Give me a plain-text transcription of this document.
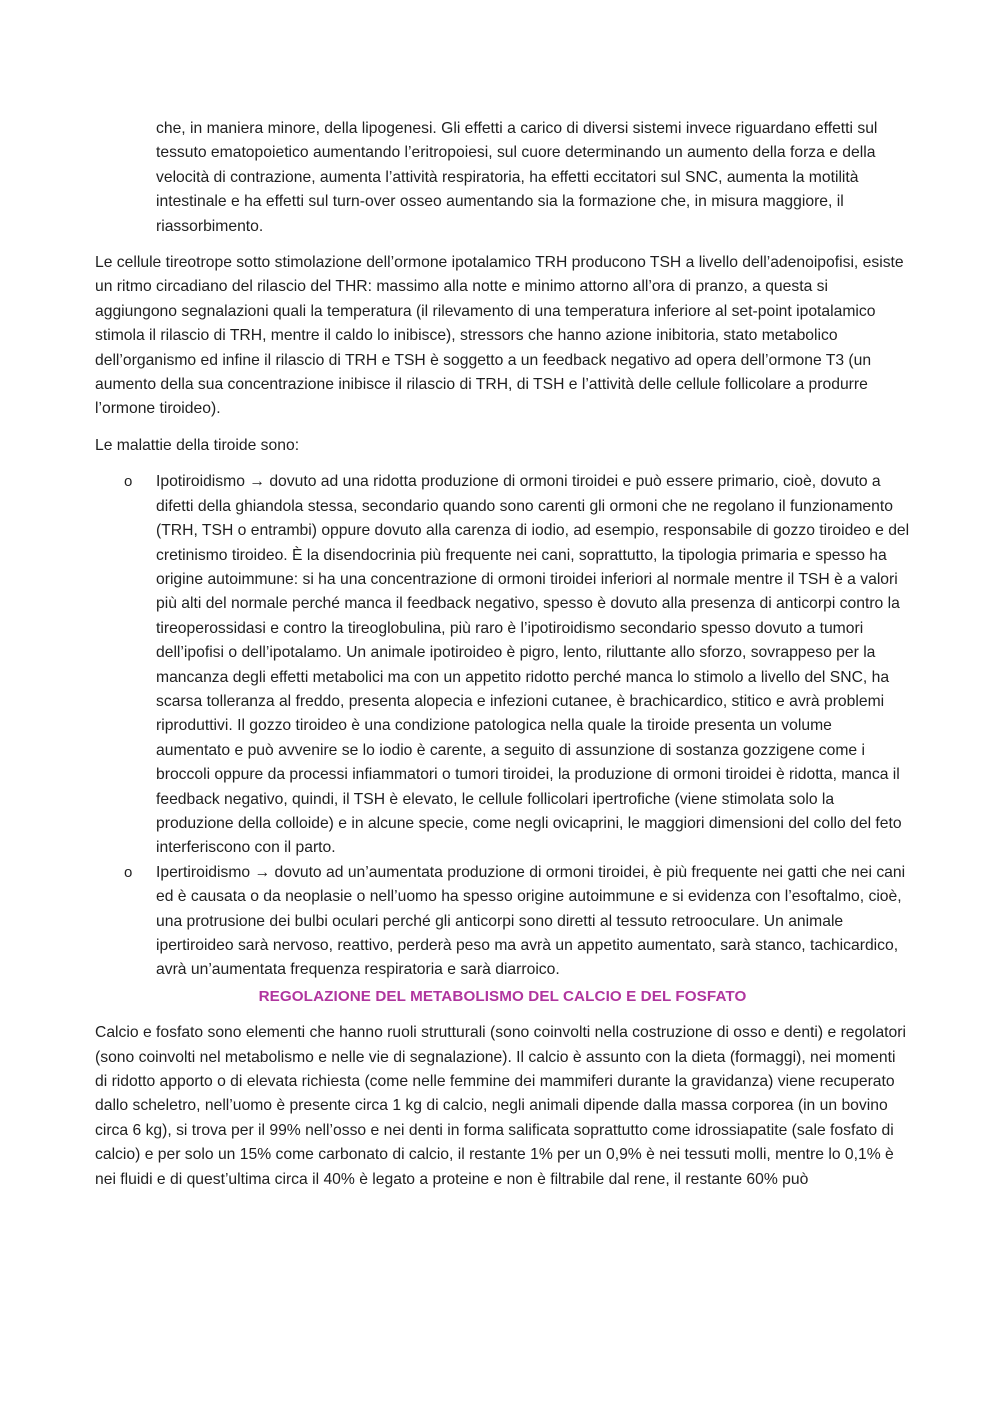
che, in maniera minore, della lipogenesi. Gli effetti a carico di diversi sistemi invece riguardano effetti sul tessuto ematopoietico aumentando l’eritropoiesi, sul cuore determinando un aumento della forza e della velocità di contrazione, aumenta l’attività respiratoria, ha effetti eccitatori sul SNC, aumenta la motilità intestinale e ha effetti sul turn-over osseo aumentando sia la formazione che, in misura maggiore, il riassorbimento.

Le cellule tireotrope sotto stimolazione dell’ormone ipotalamico TRH producono TSH a livello dell’adenoipofisi, esiste un ritmo circadiano del rilascio del THR: massimo alla notte e minimo attorno all’ora di pranzo, a questa si aggiungono segnalazioni quali la temperatura (il rilevamento di una temperatura inferiore al set-point ipotalamico stimola il rilascio di TRH, mentre il caldo lo inibisce), stressors che hanno azione inibitoria, stato metabolico dell’organismo ed infine il rilascio di TRH e TSH è soggetto a un feedback negativo ad opera dell’ormone T3 (un aumento della sua concentrazione inibisce il rilascio di TRH, di TSH e l’attività delle cellule follicolare a produrre l’ormone tiroideo).

Le malattie della tiroide sono:

o Ipotiroidismo → dovuto ad una ridotta produzione di ormoni tiroidei e può essere primario, cioè, dovuto a difetti della ghiandola stessa, secondario quando sono carenti gli ormoni che ne regolano il funzionamento (TRH, TSH o entrambi) oppure dovuto alla carenza di iodio, ad esempio, responsabile di gozzo tiroideo e del cretinismo tiroideo. È la disendocrinia più frequente nei cani, soprattutto, la tipologia primaria e spesso ha origine autoimmune: si ha una concentrazione di ormoni tiroidei inferiori al normale mentre il TSH è a valori più alti del normale perché manca il feedback negativo, spesso è dovuto alla presenza di anticorpi contro la tireoperossidasi e contro la tireoglobulina, più raro è l’ipotiroidismo secondario spesso dovuto a tumori dell’ipofisi o dell’ipotalamo. Un animale ipotiroideo è pigro, lento, riluttante allo sforzo, sovrappeso per la mancanza degli effetti metabolici ma con un appetito ridotto perché manca lo stimolo a livello del SNC, ha scarsa tolleranza al freddo, presenta alopecia e infezioni cutanee, è brachicardico, stitico e avrà problemi riproduttivi. Il gozzo tiroideo è una condizione patologica nella quale la tiroide presenta un volume aumentato e può avvenire se lo iodio è carente, a seguito di assunzione di sostanza gozzigene come i broccoli oppure da processi infiammatori o tumori tiroidei, la produzione di ormoni tiroidei è ridotta, manca il feedback negativo, quindi, il TSH è elevato, le cellule follicolari ipertrofiche (viene stimolata solo la produzione della colloide) e in alcune specie, come negli ovicaprini, le maggiori dimensioni del collo del feto interferiscono con il parto.
o Ipertiroidismo → dovuto ad un’aumentata produzione di ormoni tiroidei, è più frequente nei gatti che nei cani ed è causata o da neoplasie o nell’uomo ha spesso origine autoimmune e si evidenza con l’esoftalmo, cioè, una protrusione dei bulbi oculari perché gli anticorpi sono diretti al tessuto retrooculare. Un animale ipertiroideo sarà nervoso, reattivo, perderà peso ma avrà un appetito aumentato, sarà stanco, tachicardico, avrà un’aumentata frequenza respiratoria e sarà diarroico.
REGOLAZIONE DEL METABOLISMO DEL CALCIO E DEL FOSFATO

Calcio e fosfato sono elementi che hanno ruoli strutturali (sono coinvolti nella costruzione di osso e denti) e regolatori (sono coinvolti nel metabolismo e nelle vie di segnalazione). Il calcio è assunto con la dieta (formaggi), nei momenti di ridotto apporto o di elevata richiesta (come nelle femmine dei mammiferi durante la gravidanza) viene recuperato dallo scheletro, nell’uomo è presente circa 1 kg di calcio, negli animali dipende dalla massa corporea (in un bovino circa 6 kg), si trova per il 99% nell’osso e nei denti in forma salificata soprattutto come idrossiapatite (sale fosfato di calcio) e per solo un 15% come carbonato di calcio, il restante 1% per un 0,9% è nei tessuti molli, mentre lo 0,1% è nei fluidi e di quest’ultima circa il 40% è legato a proteine e non è filtrabile dal rene, il restante 60% può
